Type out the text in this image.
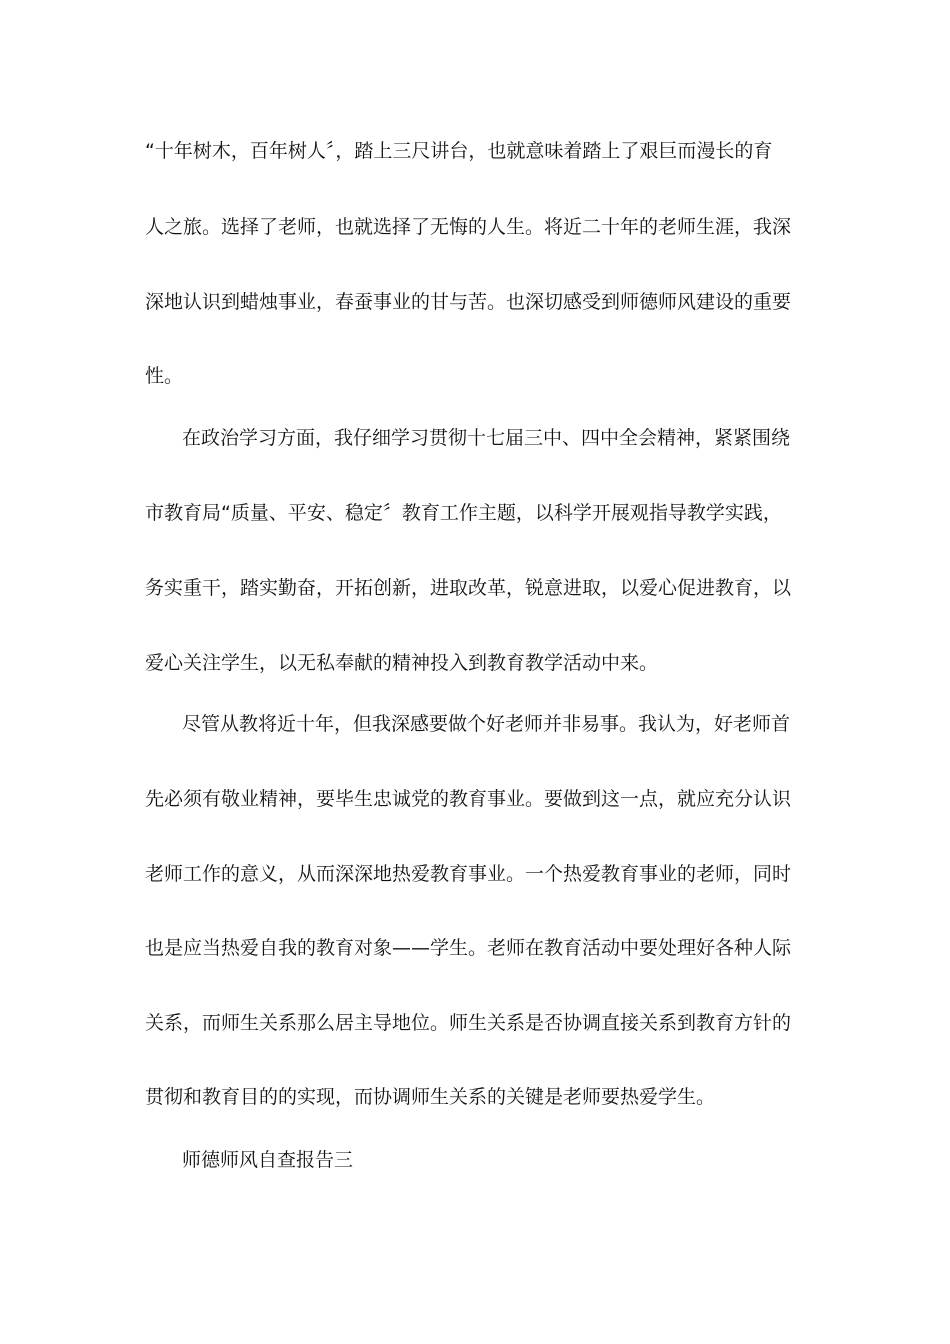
“十年树木，百年树人〞，踏上三尺讲台，也就意味着踏上了艰巨而漫长的育
人之旅。选择了老师，也就选择了无悔的人生。将近二十年的老师生涯，我深
深地认识到蜡烛事业，春蚕事业的甘与苦。也深切感受到师德师风建设的重要
性。
在政治学习方面，我仔细学习贯彻十七届三中、四中全会精神，紧紧围绕
市教育局“质量、平安、稳定〞教育工作主题，以科学开展观指导教学实践，
务实重干，踏实勤奋，开拓创新，进取改革，锐意进取，以爱心促进教育，以
爱心关注学生，以无私奉献的精神投入到教育教学活动中来。
尽管从教将近十年，但我深感要做个好老师并非易事。我认为，好老师首
先必须有敬业精神，要毕生忠诚党的教育事业。要做到这一点，就应充分认识
老师工作的意义，从而深深地热爱教育事业。一个热爱教育事业的老师，同时
也是应当热爱自我的教育对象——学生。老师在教育活动中要处理好各种人际
关系，而师生关系那么居主导地位。师生关系是否协调直接关系到教育方针的
贯彻和教育目的的实现，而协调师生关系的关键是老师要热爱学生。
师德师风自查报告三
